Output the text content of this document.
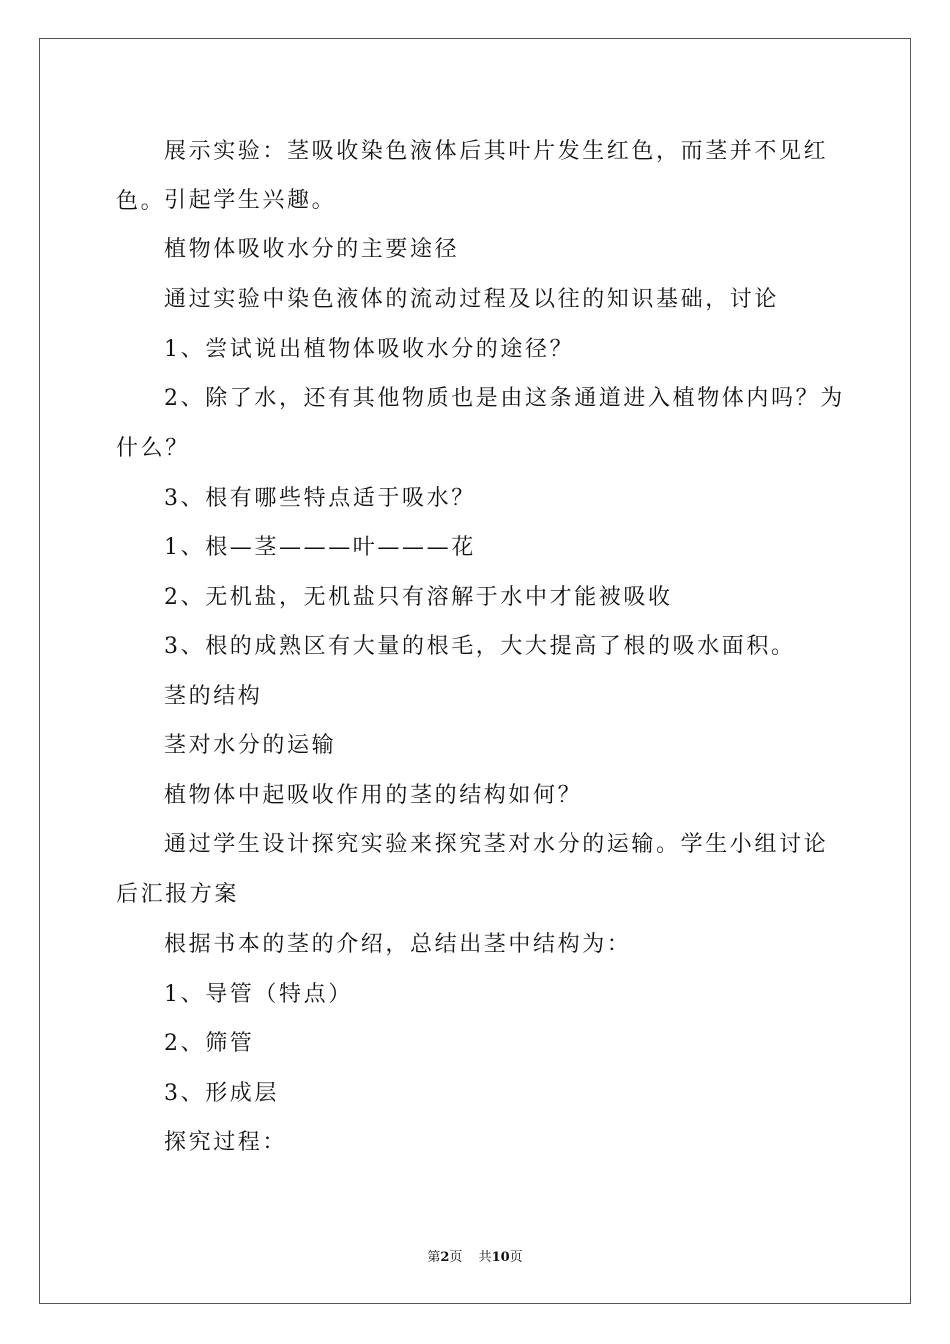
展示实验：茎吸收染色液体后其叶片发生红色，而茎并不见红色。

引起学生兴趣。

植物体吸收水分的主要途径

通过实验中染色液体的流动过程及以往的知识基础，讨论

1、尝试说出植物体吸收水分的途径？

2、除了水，还有其他物质也是由这条通道进入植物体内吗？为什么？

3、根有哪些特点适于吸水？

1、根—茎———叶———花

2、无机盐，无机盐只有溶解于水中才能被吸收

3、根的成熟区有大量的根毛，大大提高了根的吸水面积。

茎的结构

茎对水分的运输

植物体中起吸收作用的茎的结构如何？

通过学生设计探究实验来探究茎对水分的运输。学生小组讨论后汇报方案

根据书本的茎的介绍，总结出茎中结构为：

1、导管（特点）

2、筛管

3、形成层

探究过程：

第2页 共10页
